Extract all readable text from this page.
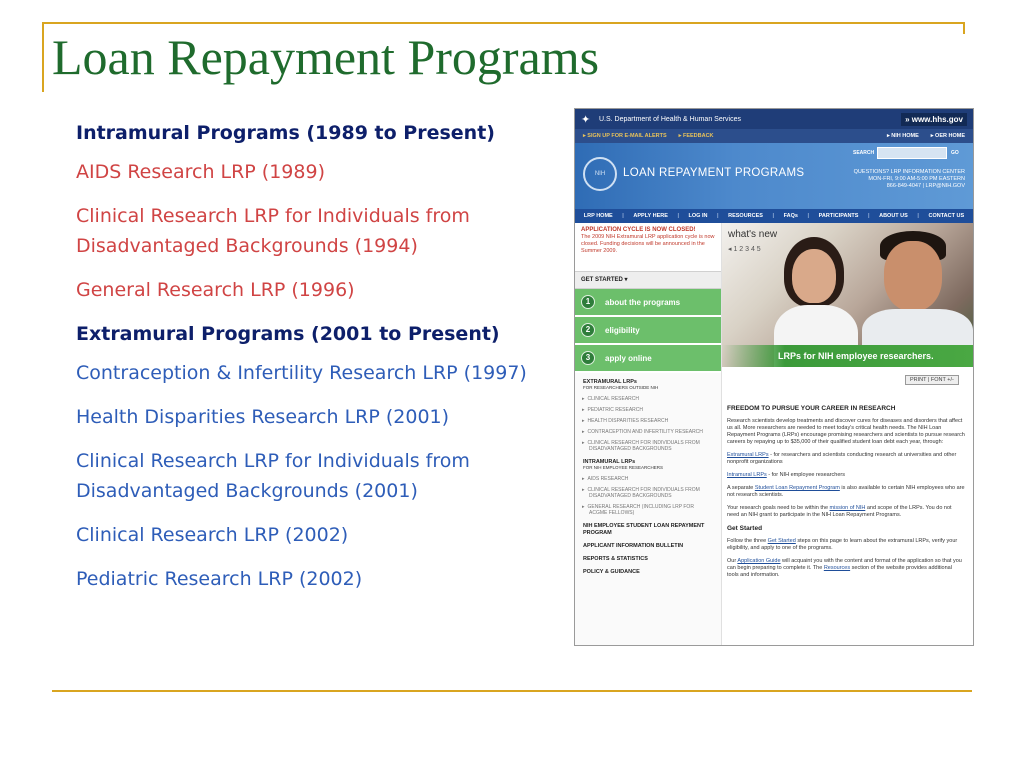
Loan Repayment Programs
Intramural Programs (1989 to Present)
AIDS Research LRP (1989)
Clinical Research LRP for Individuals from Disadvantaged Backgrounds (1994)
General Research LRP (1996)
Extramural Programs (2001 to Present)
Contraception & Infertility Research LRP (1997)
Health Disparities Research LRP (2001)
Clinical Research LRP for Individuals from Disadvantaged Backgrounds (2001)
Clinical Research LRP (2002)
Pediatric Research LRP (2002)
✦	U.S. Department of Health & Human Services	» www.hhs.gov
▸ SIGN UP FOR E-MAIL ALERTS ▸ FEEDBACK	▸ NIH HOME ▸ OER HOME
NIH	LOAN REPAYMENT PROGRAMS
SEARCH	GO
QUESTIONS? LRP INFORMATION CENTER
MON-FRI, 9:00 AM-5:00 PM EASTERN
866-849-4047 | LRP@NIH.GOV
LRP HOME | APPLY HERE | LOG IN | RESOURCES | FAQs | PARTICIPANTS | ABOUT US | CONTACT US
APPLICATION CYCLE IS NOW CLOSED!
The 2009 NIH Extramural LRP application cycle is now closed. Funding decisions will be announced in the Summer 2009.
GET STARTED ▾
1	about the programs
2	eligibility
3	apply online
EXTRAMURAL LRPs
FOR RESEARCHERS OUTSIDE NIH
▸ CLINICAL RESEARCH
▸ PEDIATRIC RESEARCH
▸ HEALTH DISPARITIES RESEARCH
▸ CONTRACEPTION AND INFERTILITY RESEARCH
▸ CLINICAL RESEARCH FOR INDIVIDUALS FROM DISADVANTAGED BACKGROUNDS
INTRAMURAL LRPs
FOR NIH EMPLOYEE RESEARCHERS
▸ AIDS RESEARCH
▸ CLINICAL RESEARCH FOR INDIVIDUALS FROM DISADVANTAGED BACKGROUNDS
▸ GENERAL RESEARCH (INCLUDING LRP FOR ACGME FELLOWS)
NIH EMPLOYEE STUDENT LOAN REPAYMENT PROGRAM
APPLICANT INFORMATION BULLETIN
REPORTS & STATISTICS
POLICY & GUIDANCE
what's new
◂ 1 2 3 4 5
LRPs for NIH employee researchers.
PRINT | FONT +/-
FREEDOM TO PURSUE YOUR CAREER IN RESEARCH
Research scientists develop treatments and discover cures for diseases and disorders that affect us all. More researchers are needed to meet today's critical health needs. The NIH Loan Repayment Programs (LRPs) encourage promising researchers and scientists to pursue research careers by repaying up to $35,000 of their qualified student loan debt each year, through:
Extramural LRPs - for researchers and scientists conducting research at universities and other nonprofit organizations
Intramural LRPs - for NIH employee researchers
A separate Student Loan Repayment Program is also available to certain NIH employees who are not research scientists.
Your research goals need to be within the mission of NIH and scope of the LRPs. You do not need an NIH grant to participate in the NIH Loan Repayment Programs.
Get Started
Follow the three Get Started steps on this page to learn about the extramural LRPs, verify your eligibility, and apply to one of the programs.
Our Application Guide will acquaint you with the content and format of the application so that you can begin preparing to complete it. The Resources section of the website provides additional tools and information.
